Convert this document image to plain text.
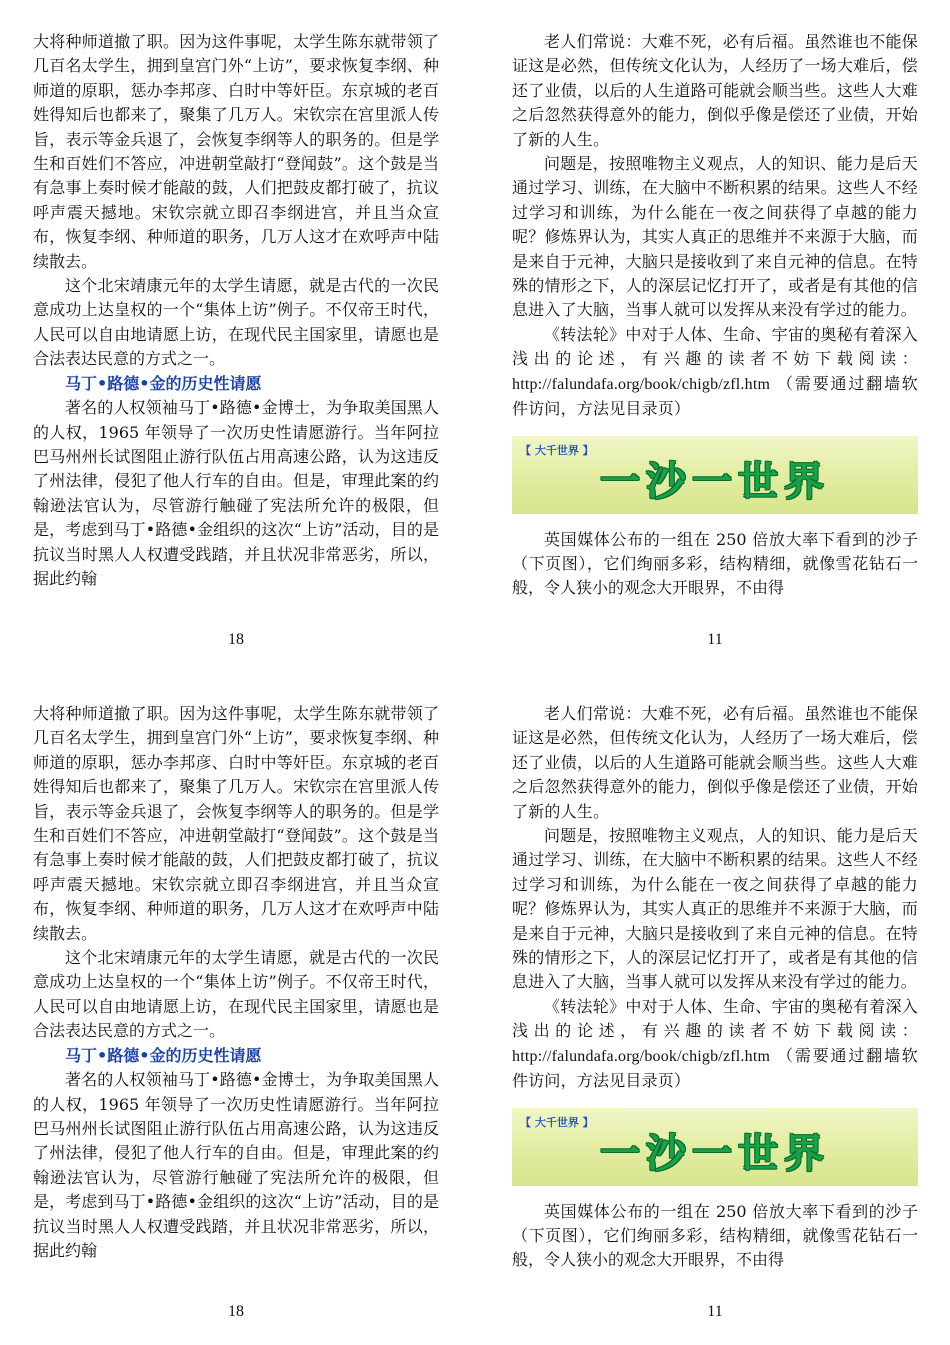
大将种师道撤了职。因为这件事呢，太学生陈东就带领了几百名太学生，拥到皇宫门外“上访”，要求恢复李纲、种师道的原职，惩办李邦彦、白时中等奸臣。东京城的老百姓得知后也都来了，聚集了几万人。宋钦宗在宫里派人传旨，表示等金兵退了，会恢复李纲等人的职务的。但是学生和百姓们不答应，冲进朝堂敲打“登闻鼓”。这个鼓是当有急事上奏时候才能敲的鼓，人们把鼓皮都打破了，抗议呼声震天撼地。宋钦宗就立即召李纲进宫，并且当众宣布，恢复李纲、种师道的职务，几万人这才在欢呼声中陆续散去。

这个北宋靖康元年的太学生请愿，就是古代的一次民意成功上达皇权的一个“集体上访”例子。不仅帝王时代，人民可以自由地请愿上访，在现代民主国家里，请愿也是合法表达民意的方式之一。

马丁•路德•金的历史性请愿

著名的人权领袖马丁•路德•金博士，为争取美国黑人的人权，1965 年领导了一次历史性请愿游行。当年阿拉巴马州州长试图阻止游行队伍占用高速公路，认为这违反了州法律，侵犯了他人行车的自由。但是，审理此案的约翰逊法官认为，尽管游行触碰了宪法所允许的极限，但是，考虑到马丁•路德•金组织的这次“上访”活动，目的是抗议当时黑人人权遭受践踏，并且状况非常恶劣，所以，据此约翰

18

老人们常说：大难不死，必有后福。虽然谁也不能保证这是必然，但传统文化认为，人经历了一场大难后，偿还了业债，以后的人生道路可能就会顺当些。这些人大难之后忽然获得意外的能力，倒似乎像是偿还了业债，开始了新的人生。

问题是，按照唯物主义观点，人的知识、能力是后天通过学习、训练，在大脑中不断积累的结果。这些人不经过学习和训练，为什么能在一夜之间获得了卓越的能力呢？修炼界认为，其实人真正的思维并不来源于大脑，而是来自于元神，大脑只是接收到了来自元神的信息。在特殊的情形之下，人的深层记忆打开了，或者是有其他的信息进入了大脑，当事人就可以发挥从来没有学过的能力。

《转法轮》中对于人体、生命、宇宙的奥秘有着深入浅出的论述，有兴趣的读者不妨下载阅读：http://falundafa.org/book/chigb/zfl.htm （需要通过翻墙软件访问，方法见目录页）

【 大千世界 】
一沙一世界

英国媒体公布的一组在 250 倍放大率下看到的沙子（下页图），它们绚丽多彩，结构精细，就像雪花钻石一般，令人狭小的观念大开眼界，不由得

11

大将种师道撤了职。因为这件事呢，太学生陈东就带领了几百名太学生，拥到皇宫门外“上访”，要求恢复李纲、种师道的原职，惩办李邦彦、白时中等奸臣。东京城的老百姓得知后也都来了，聚集了几万人。宋钦宗在宫里派人传旨，表示等金兵退了，会恢复李纲等人的职务的。但是学生和百姓们不答应，冲进朝堂敲打“登闻鼓”。这个鼓是当有急事上奏时候才能敲的鼓，人们把鼓皮都打破了，抗议呼声震天撼地。宋钦宗就立即召李纲进宫，并且当众宣布，恢复李纲、种师道的职务，几万人这才在欢呼声中陆续散去。

这个北宋靖康元年的太学生请愿，就是古代的一次民意成功上达皇权的一个“集体上访”例子。不仅帝王时代，人民可以自由地请愿上访，在现代民主国家里，请愿也是合法表达民意的方式之一。

马丁•路德•金的历史性请愿

著名的人权领袖马丁•路德•金博士，为争取美国黑人的人权，1965 年领导了一次历史性请愿游行。当年阿拉巴马州州长试图阻止游行队伍占用高速公路，认为这违反了州法律，侵犯了他人行车的自由。但是，审理此案的约翰逊法官认为，尽管游行触碰了宪法所允许的极限，但是，考虑到马丁•路德•金组织的这次“上访”活动，目的是抗议当时黑人人权遭受践踏，并且状况非常恶劣，所以，据此约翰

18

老人们常说：大难不死，必有后福。虽然谁也不能保证这是必然，但传统文化认为，人经历了一场大难后，偿还了业债，以后的人生道路可能就会顺当些。这些人大难之后忽然获得意外的能力，倒似乎像是偿还了业债，开始了新的人生。

问题是，按照唯物主义观点，人的知识、能力是后天通过学习、训练，在大脑中不断积累的结果。这些人不经过学习和训练，为什么能在一夜之间获得了卓越的能力呢？修炼界认为，其实人真正的思维并不来源于大脑，而是来自于元神，大脑只是接收到了来自元神的信息。在特殊的情形之下，人的深层记忆打开了，或者是有其他的信息进入了大脑，当事人就可以发挥从来没有学过的能力。

《转法轮》中对于人体、生命、宇宙的奥秘有着深入浅出的论述，有兴趣的读者不妨下载阅读：http://falundafa.org/book/chigb/zfl.htm （需要通过翻墙软件访问，方法见目录页）

【 大千世界 】
一沙一世界

英国媒体公布的一组在 250 倍放大率下看到的沙子（下页图），它们绚丽多彩，结构精细，就像雪花钻石一般，令人狭小的观念大开眼界，不由得

11
